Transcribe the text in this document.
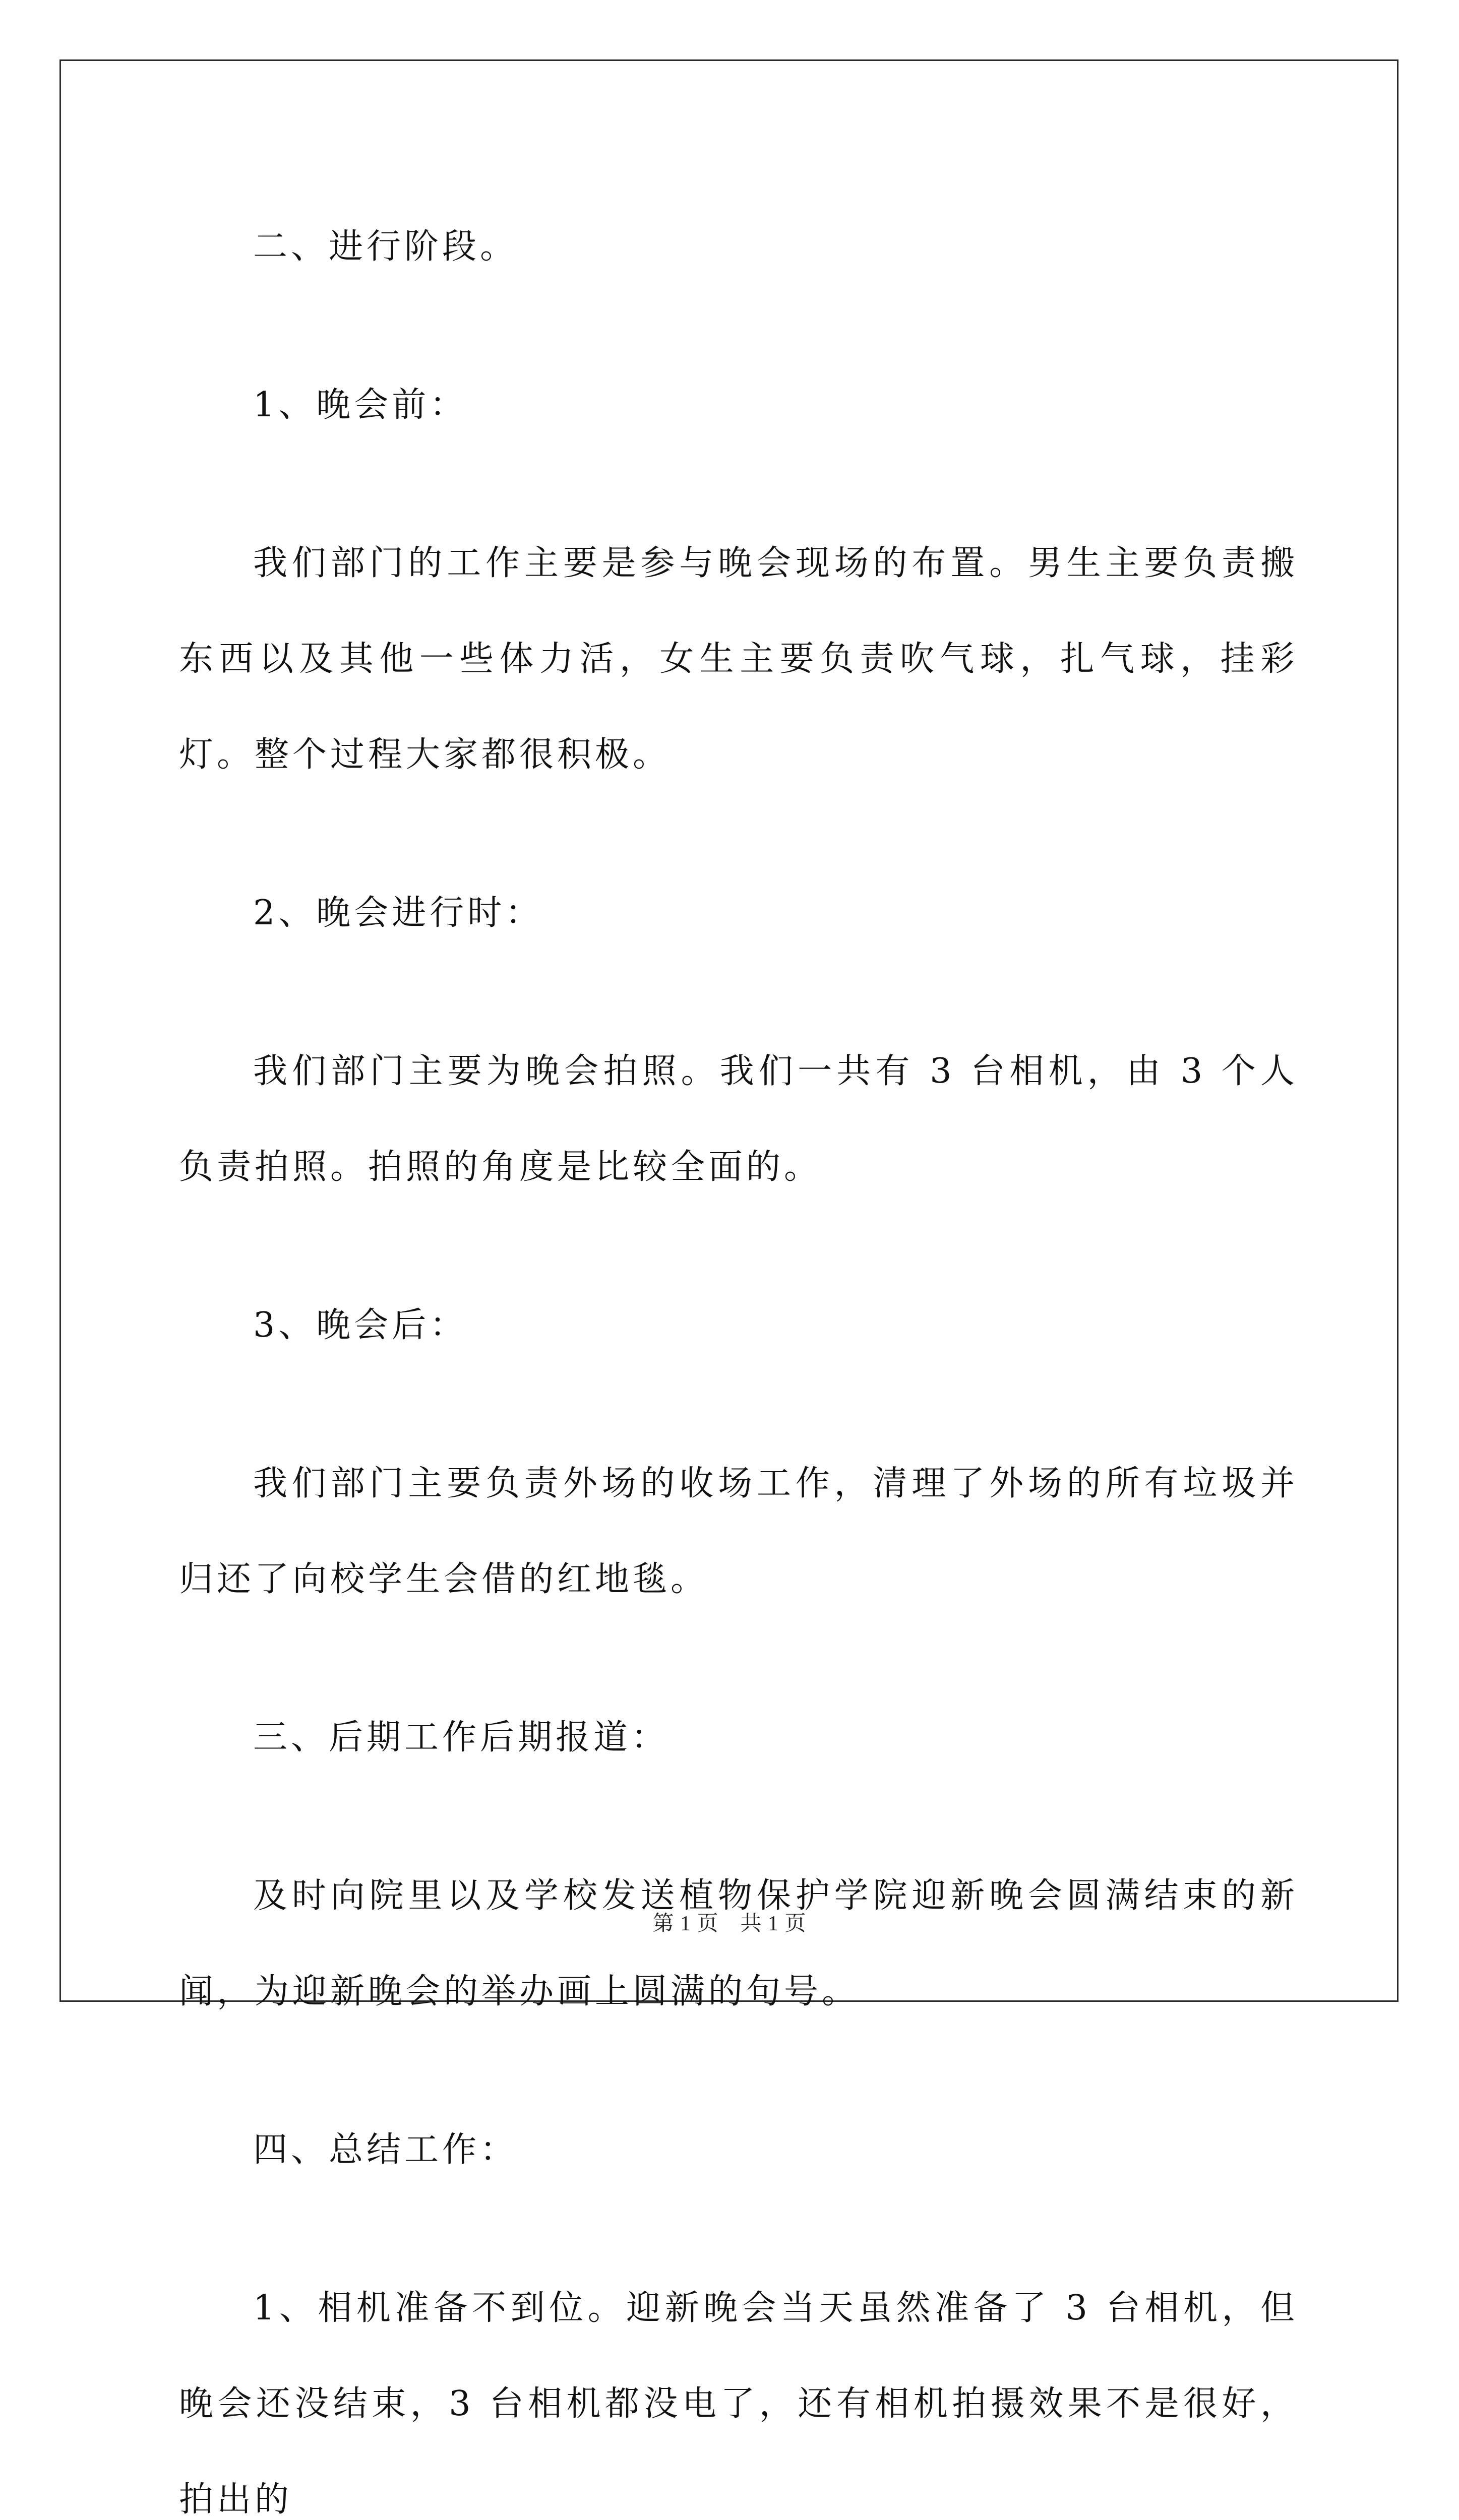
二、进行阶段。
1、晚会前：

我们部门的工作主要是参与晚会现场的布置。男生主要负责搬东西以及其他一些体力活，女生主要负责吹气球，扎气球，挂彩灯。整个过程大家都很积极。

2、晚会进行时：

我们部门主要为晚会拍照。我们一共有 3 台相机，由 3 个人负责拍照。拍照的角度是比较全面的。

3、晚会后：

我们部门主要负责外场的收场工作，清理了外场的所有垃圾并归还了向校学生会借的红地毯。

三、后期工作后期报道：

及时向院里以及学校发送植物保护学院迎新晚会圆满结束的新闻，为迎新晚会的举办画上圆满的句号。

四、总结工作：

1、相机准备不到位。迎新晚会当天虽然准备了 3 台相机，但晚会还没结束，3 台相机都没电了，还有相机拍摄效果不是很好，拍出的

第 1 页　共 1 页
